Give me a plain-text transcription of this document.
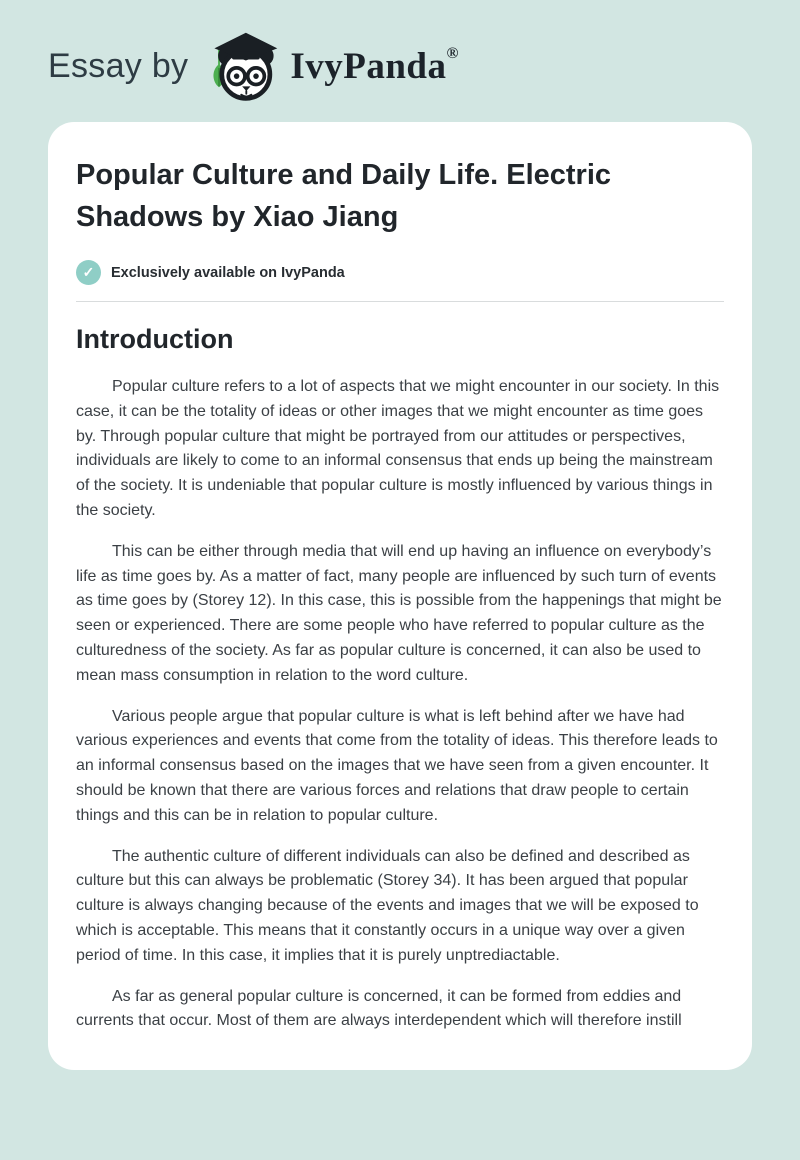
Essay by	IvyPanda ®
Popular Culture and Daily Life. Electric Shadows by Xiao Jiang
✓	Exclusively available on IvyPanda
Introduction

Popular culture refers to a lot of aspects that we might encounter in our society. In this case, it can be the totality of ideas or other images that we might encounter as time goes by. Through popular culture that might be portrayed from our attitudes or perspectives, individuals are likely to come to an informal consensus that ends up being the mainstream of the society. It is undeniable that popular culture is mostly influenced by various things in the society.

This can be either through media that will end up having an influence on everybody’s life as time goes by. As a matter of fact, many people are influenced by such turn of events as time goes by (Storey 12). In this case, this is possible from the happenings that might be seen or experienced. There are some people who have referred to popular culture as the culturedness of the society. As far as popular culture is concerned, it can also be used to mean mass consumption in relation to the word culture.

Various people argue that popular culture is what is left behind after we have had various experiences and events that come from the totality of ideas. This therefore leads to an informal consensus based on the images that we have seen from a given encounter. It should be known that there are various forces and relations that draw people to certain things and this can be in relation to popular culture.

The authentic culture of different individuals can also be defined and described as culture but this can always be problematic (Storey 34). It has been argued that popular culture is always changing because of the events and images that we will be exposed to which is acceptable. This means that it constantly occurs in a unique way over a given period of time. In this case, it implies that it is purely unptrediactable.

As far as general popular culture is concerned, it can be formed from eddies and currents that occur. Most of them are always interdependent which will therefore instill
